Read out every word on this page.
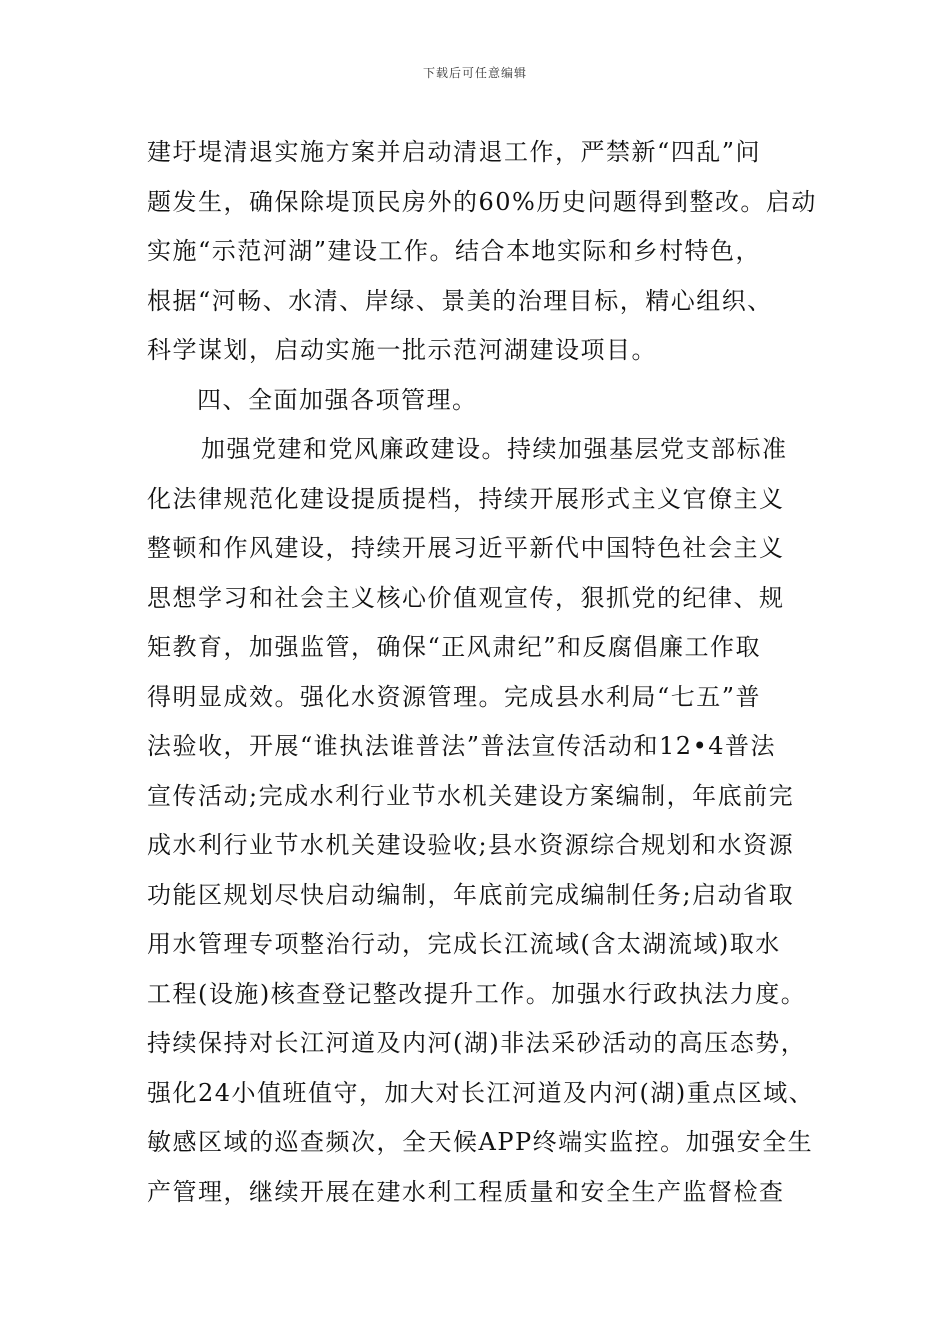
下载后可任意编辑
建圩堤清退实施方案并启动清退工作，严禁新“四乱”问
题发生，确保除堤顶民房外的60%历史问题得到整改。启动
实施“示范河湖”建设工作。结合本地实际和乡村特色，
根据“河畅、水清、岸绿、景美的治理目标，精心组织、
科学谋划，启动实施一批示范河湖建设项目。
四、全面加强各项管理。
加强党建和党风廉政建设。持续加强基层党支部标准
化法律规范化建设提质提档，持续开展形式主义官僚主义
整顿和作风建设，持续开展习近平新代中国特色社会主义
思想学习和社会主义核心价值观宣传，狠抓党的纪律、规
矩教育，加强监管，确保“正风肃纪”和反腐倡廉工作取
得明显成效。强化水资源管理。完成县水利局“七五”普
法验收，开展“谁执法谁普法”普法宣传活动和12•4普法
宣传活动;完成水利行业节水机关建设方案编制，年底前完
成水利行业节水机关建设验收;县水资源综合规划和水资源
功能区规划尽快启动编制，年底前完成编制任务;启动省取
用水管理专项整治行动，完成长江流域(含太湖流域)取水
工程(设施)核查登记整改提升工作。加强水行政执法力度。
持续保持对长江河道及内河(湖)非法采砂活动的高压态势，
强化24小值班值守，加大对长江河道及内河(湖)重点区域、
敏感区域的巡查频次，全天候APP终端实监控。加强安全生
产管理，继续开展在建水利工程质量和安全生产监督检查
